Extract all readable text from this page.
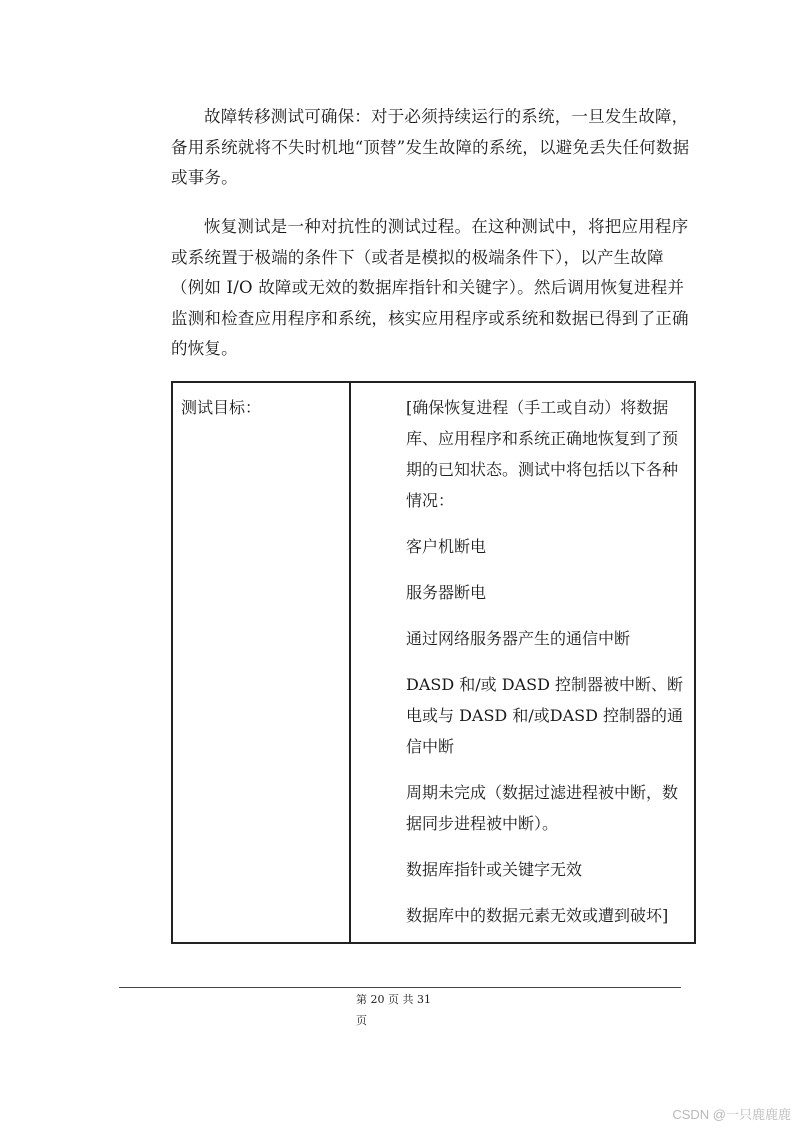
故障转移测试可确保：对于必须持续运行的系统，一旦发生故障，备用系统就将不失时机地“顶替”发生故障的系统，以避免丢失任何数据或事务。

恢复测试是一种对抗性的测试过程。在这种测试中，将把应用程序或系统置于极端的条件下（或者是模拟的极端条件下），以产生故障（例如 I/O 故障或无效的数据库指针和关键字）。然后调用恢复进程并监测和检查应用程序和系统，核实应用程序或系统和数据已得到了正确的恢复。

测试目标：	[确保恢复进程（手工或自动）将数据库、应用程序和系统正确地恢复到了预期的已知状态。测试中将包括以下各种情况：
客户机断电
服务器断电
通过网络服务器产生的通信中断
DASD 和/或 DASD 控制器被中断、断电或与 DASD 和/或DASD 控制器的通信中断
周期未完成（数据过滤进程被中断，数据同步进程被中断）。
数据库指针或关键字无效
数据库中的数据元素无效或遭到破坏]
第 20 页 共 31
页
CSDN @一只鹿鹿鹿
